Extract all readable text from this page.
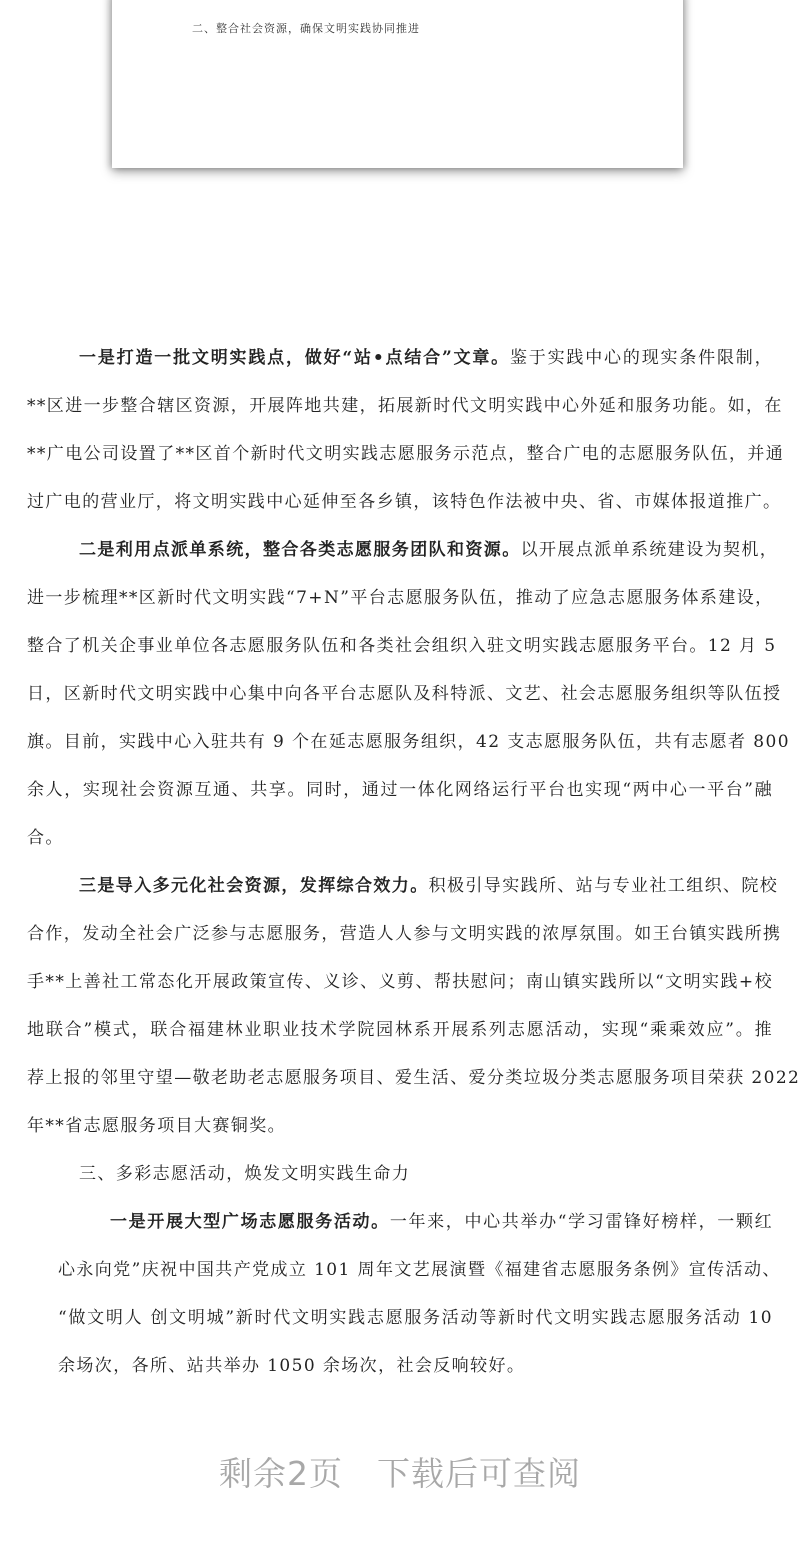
二、整合社会资源，确保文明实践协同推进
一是打造一批文明实践点，做好“站•点结合”文章。鉴于实践中心的现实条件限制，
**区进一步整合辖区资源，开展阵地共建，拓展新时代文明实践中心外延和服务功能。如，在
**广电公司设置了**区首个新时代文明实践志愿服务示范点，整合广电的志愿服务队伍，并通
过广电的营业厅，将文明实践中心延伸至各乡镇，该特色作法被中央、省、市媒体报道推广。
二是利用点派单系统，整合各类志愿服务团队和资源。以开展点派单系统建设为契机，
进一步梳理**区新时代文明实践“7+N”平台志愿服务队伍，推动了应急志愿服务体系建设，
整合了机关企事业单位各志愿服务队伍和各类社会组织入驻文明实践志愿服务平台。12 月 5
日，区新时代文明实践中心集中向各平台志愿队及科特派、文艺、社会志愿服务组织等队伍授
旗。目前，实践中心入驻共有 9 个在延志愿服务组织，42 支志愿服务队伍，共有志愿者 800
余人，实现社会资源互通、共享。同时，通过一体化网络运行平台也实现“两中心一平台”融
合。
三是导入多元化社会资源，发挥综合效力。积极引导实践所、站与专业社工组织、院校
合作，发动全社会广泛参与志愿服务，营造人人参与文明实践的浓厚氛围。如王台镇实践所携
手**上善社工常态化开展政策宣传、义诊、义剪、帮扶慰问；南山镇实践所以“文明实践+校
地联合”模式，联合福建林业职业技术学院园林系开展系列志愿活动，实现“乘乘效应”。推
荐上报的邻里守望—敬老助老志愿服务项目、爱生活、爱分类垃圾分类志愿服务项目荣获 2022
年**省志愿服务项目大赛铜奖。
三、多彩志愿活动，焕发文明实践生命力
一是开展大型广场志愿服务活动。一年来，中心共举办“学习雷锋好榜样，一颗红
心永向党”庆祝中国共产党成立 101 周年文艺展演暨《福建省志愿服务条例》宣传活动、
“做文明人 创文明城”新时代文明实践志愿服务活动等新时代文明实践志愿服务活动 10
余场次，各所、站共举办 1050 余场次，社会反响较好。
剩余2页 下载后可查阅
